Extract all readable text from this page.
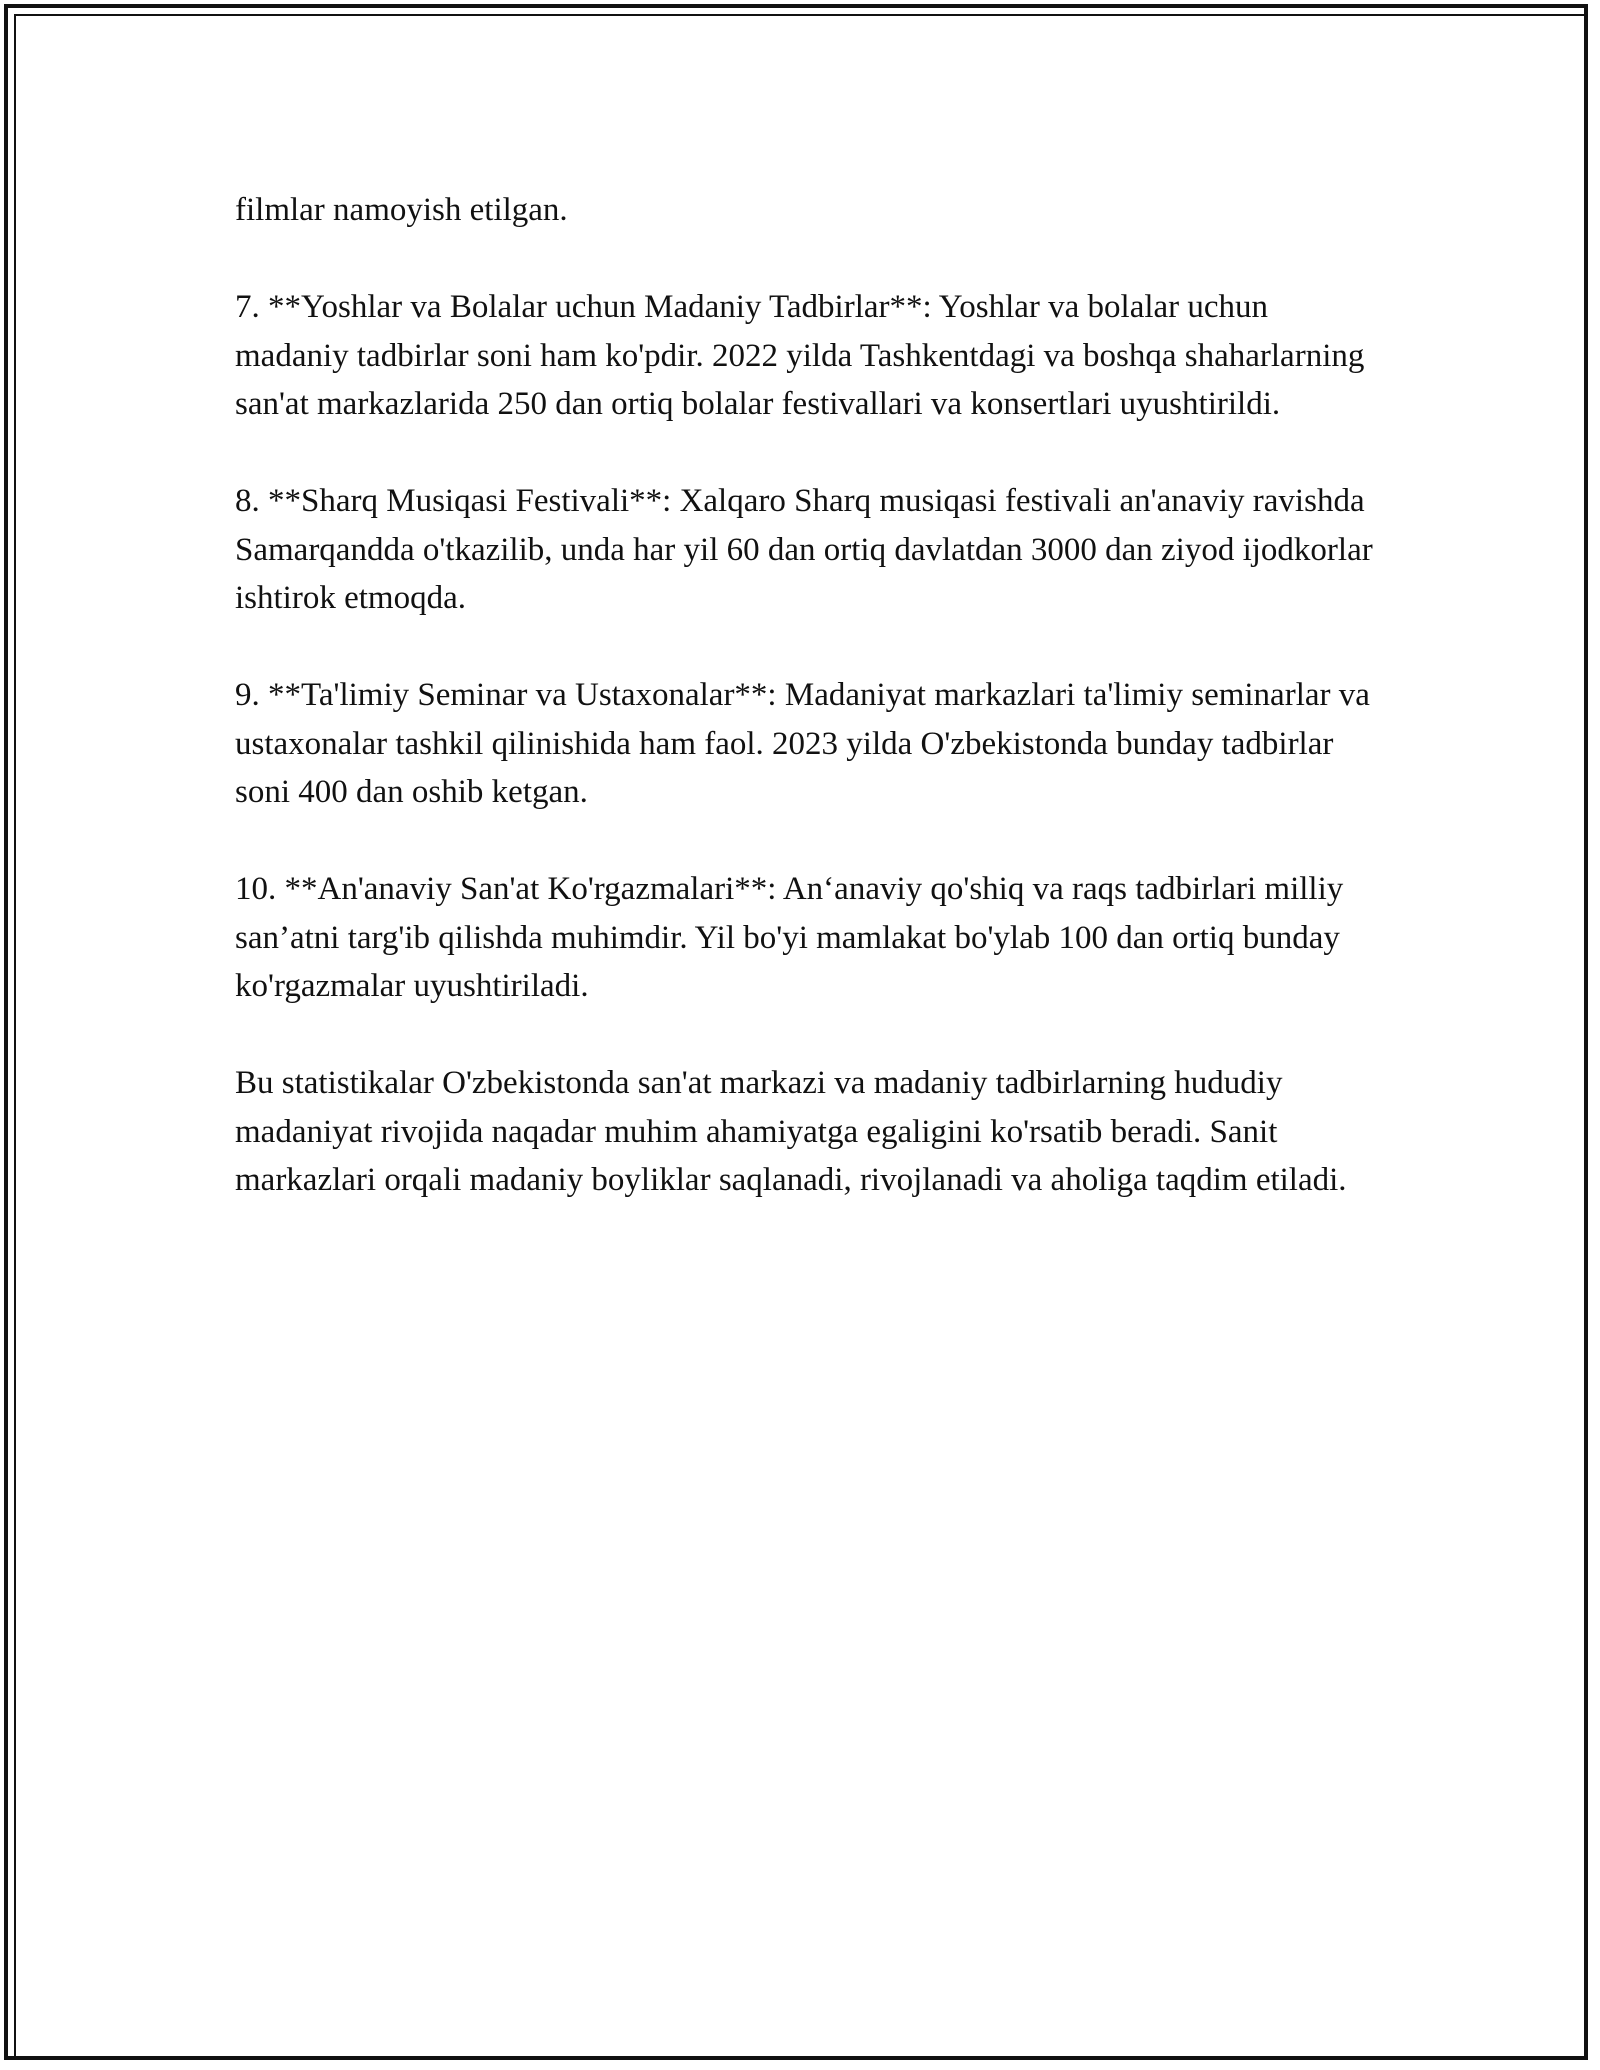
filmlar namoyish etilgan.

7. **Yoshlar va Bolalar uchun Madaniy Tadbirlar**: Yoshlar va bolalar uchun madaniy tadbirlar soni ham ko'pdir. 2022 yilda Tashkentdagi va boshqa shaharlarning san'at markazlarida 250 dan ortiq bolalar festivallari va konsertlari uyushtirildi.

8. **Sharq Musiqasi Festivali**: Xalqaro Sharq musiqasi festivali an'anaviy ravishda Samarqandda o'tkazilib, unda har yil 60 dan ortiq davlatdan 3000 dan ziyod ijodkorlar ishtirok etmoqda.

9. **Ta'limiy Seminar va Ustaxonalar**: Madaniyat markazlari ta'limiy seminarlar va ustaxonalar tashkil qilinishida ham faol. 2023 yilda O'zbekistonda bunday tadbirlar soni 400 dan oshib ketgan.

10. **An'anaviy San'at Ko'rgazmalari**: An‘anaviy qo'shiq va raqs tadbirlari milliy san’atni targ'ib qilishda muhimdir. Yil bo'yi mamlakat bo'ylab 100 dan ortiq bunday ko'rgazmalar uyushtiriladi.

Bu statistikalar O'zbekistonda san'at markazi va madaniy tadbirlarning hududiy madaniyat rivojida naqadar muhim ahamiyatga egaligini ko'rsatib beradi. Sanit markazlari orqali madaniy boyliklar saqlanadi, rivojlanadi va aholiga taqdim etiladi.
